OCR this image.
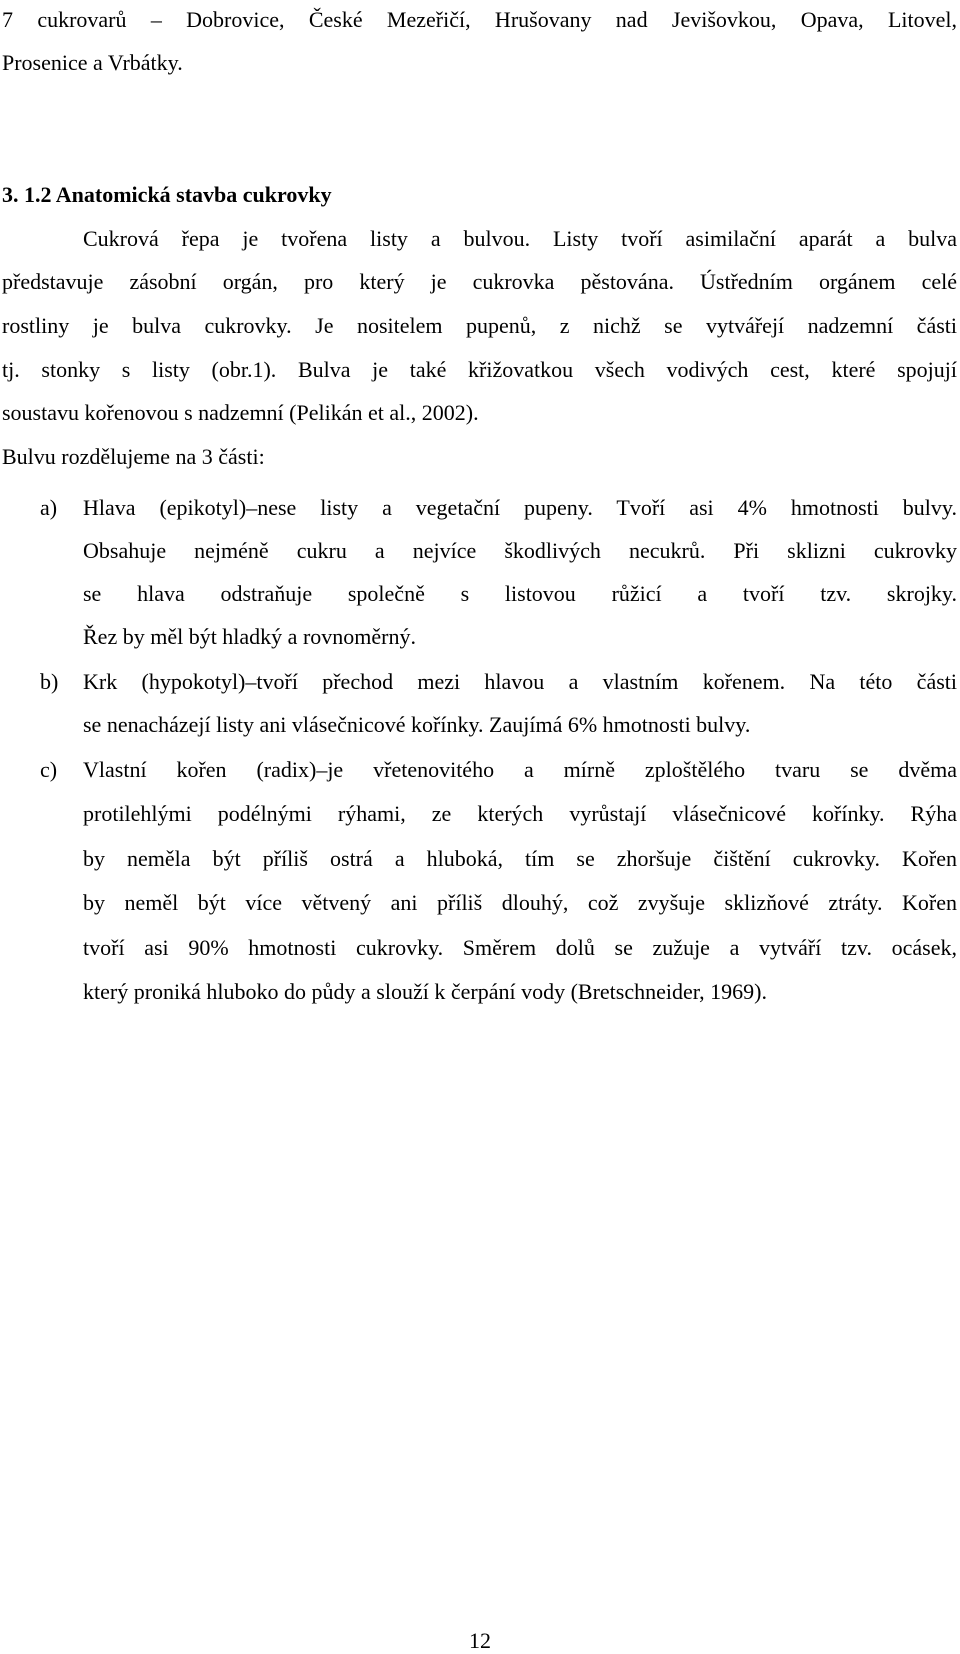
7 cukrovarů – Dobrovice, České Mezeřičí, Hrušovany nad Jevišovkou, Opava, Litovel,
Prosenice a Vrbátky.
3. 1.2 Anatomická stavba cukrovky
Cukrová řepa je tvořena listy a bulvou. Listy tvoří asimilační aparát a bulva
představuje zásobní orgán, pro který je cukrovka pěstována. Ústředním orgánem celé
rostliny je bulva cukrovky. Je nositelem pupenů, z nichž se vytvářejí nadzemní části
tj. stonky s listy (obr.1). Bulva je také křižovatkou všech vodivých cest, které spojují
soustavu kořenovou s nadzemní (Pelikán et al., 2002).
Bulvu rozdělujeme na 3 části:
a) Hlava (epikotyl)–nese listy a vegetační pupeny. Tvoří asi 4% hmotnosti bulvy.
Obsahuje nejméně cukru a nejvíce škodlivých necukrů. Při sklizni cukrovky
se hlava odstraňuje společně s listovou růžicí a tvoří tzv. skrojky.
Řez by měl být hladký a rovnoměrný.
b) Krk (hypokotyl)–tvoří přechod mezi hlavou a vlastním kořenem. Na této části
se nenacházejí listy ani vlásečnicové kořínky. Zaujímá 6% hmotnosti bulvy.
c) Vlastní kořen (radix)–je vřetenovitého a mírně zploštělého tvaru se dvěma
protilehlými podélnými rýhami, ze kterých vyrůstají vlásečnicové kořínky. Rýha
by neměla být příliš ostrá a hluboká, tím se zhoršuje čištění cukrovky. Kořen
by neměl být více větvený ani příliš dlouhý, což zvyšuje sklizňové ztráty. Kořen
tvoří asi 90% hmotnosti cukrovky. Směrem dolů se zužuje a vytváří tzv. ocásek,
který proniká hluboko do půdy a slouží k čerpání vody (Bretschneider, 1969).
12
